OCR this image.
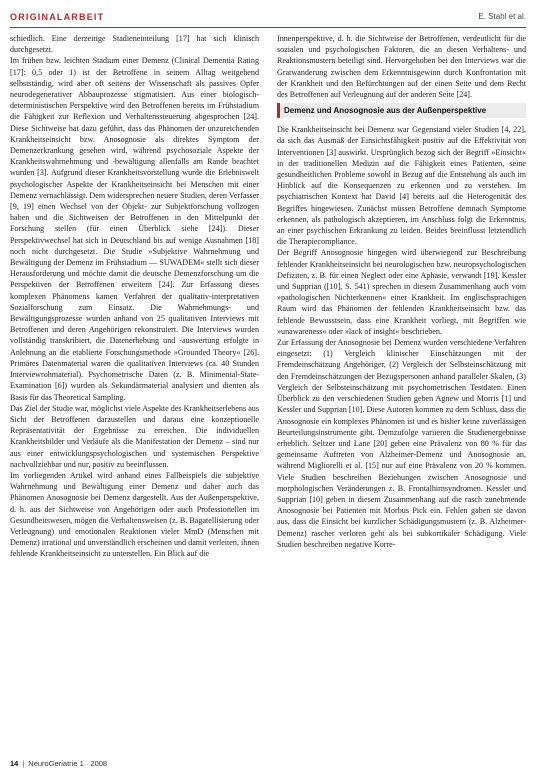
ORIGINALARBEIT	E. Stahl et al.

schiedlich. Eine derzeitige Stadieneinteilung [17] hat sich klinisch durchgesetzt.

Im frühen bzw. leichten Stadium einer Demenz (Clinical Dementia Rating [17]: 0,5 oder 1) ist der Betroffene in seinem Alltag weitgehend selbstständig, wird aber oft seitens der Wissenschaft als passives Opfer neurodegenerativer Abbauprozesse stigmatisiert. Aus einer biologisch-deterministischen Perspektive wird den Betroffenen bereits im Frühstadium die Fähigkeit zur Reflexion und Verhaltenssteuerung abgesprochen [24]. Diese Sichtweise hat dazu geführt, dass das Phänomen der unzureichenden Krankheitseinsicht bzw. Anosognosie als direktes Symptom der Demenzerkrankung gesehen wird, während psychosoziale Aspekte der Krankheitswahrnehmung und -bewältigung allenfalls am Rande beachtet wurden [3]. Aufgrund dieser Krankheitsvorstellung wurde die Erlebniswelt psychologischer Aspekte der Krankheitseinsicht bei Menschen mit einer Demenz vernachlässigt. Dem widersprechen neuere Studien, deren Verfasser [9, 19] einen Wechsel von der Objekt- zur Subjektforschung vollzogen haben und die Sichtweisen der Betroffenen in den Mittelpunkt der Forschung stellen (für einen Überblick siehe [24]). Dieser Perspektivwechsel hat sich in Deutschland bis auf wenige Ausnahmen [18] noch nicht durchgesetzt. Die Studie »Subjektive Wahrnehmung und Bewältigung der Demenz im Frühstadium — SUWADEM« stellt sich dieser Herausforderung und möchte damit die deutsche Demenzforschung um die Perspektiven der Betroffenen erweitern [24]. Zur Erfassung dieses komplexen Phänomens kamen Verfahren der qualitativ-interpretativen Sozialforschung zum Einsatz. Die Wahrnehmungs- und Bewältigungsprozesse wurden anhand von 25 qualitativen Interviews mit Betroffenen und deren Angehörigen rekonstruiert. Die Interviews wurden vollständig transkribiert, die Datenerhebung und -auswertung erfolgte in Anlehnung an die etablierte Forschungsmethode »Grounded Theory« [26]. Primäres Datenmaterial waren die qualitativen Interviews (ca. 40 Stunden Interviewrohmaterial). Psychometrische Daten (z. B. Minimental-State-Examination [6]) wurden als Sekundärmaterial analysiert und dienten als Basis für das Theoretical Sampling.

Das Ziel der Studie war, möglichst viele Aspekte des Krankheitserlebens aus Sicht der Betroffenen darzustellen und daraus eine konzeptionelle Repräsentativität der Ergebnisse zu erreichen. Die individuellen Krankheitsbilder und Verläufe als die Manifestation der Demenz – sind nur aus einer entwicklungspsychologischen und systemischen Perspektive nachvollziehbar und nur, positiv zu beeinflussen.

Im vorliegenden Artikel wird anhand eines Fallbeispiels die subjektive Wahrnehmung und Bewältigung einer Demenz und daher auch das Phänomen Anosognosie bei Demenz dargestellt. Aus der Außenperspektive, d. h. aus der Sichtweise von Angehörigen oder auch Professionellen im Gesundheitswesen, mögen die Verhaltensweisen (z. B. Bagatellisierung oder Verleugnung) und emotionalen Reaktionen vieler MmD (Menschen mit Demenz) irrational und unverständlich erscheinen und damit verleiten, ihnen fehlende Krankheitseinsicht zu unterstellen. Ein Blick auf die

Innenperspektive, d. h. die Sichtweise der Betroffenen, verdeutlicht für die sozialen und psychologischen Faktoren, die an diesen Verhaltens- und Reaktionsmustern beteiligt sind. Hervorgehoben bei den Interviews war die Gratwanderung zwischen dem Erkenntnisgewinn durch Konfrontation mit der Krankheit und den Befürchtungen auf der einen Seite und dem Recht des Betroffenen auf Verleugnung auf der anderen Seite [24].

Demenz und Anosognosie aus der Außenperspektive

Die Krankheitseinsicht bei Demenz war Gegenstand vieler Studien [4, 22], da sich das Ausmaß der Einsichtsfähigkeit positiv auf die Effektivität von Interventionen [3] auswirkt. Ursprünglich bezog sich der Begriff »Einsicht« in der traditionellen Medizin auf die Fähigkeit eines Patienten, seine gesundheitlichen Probleme sowohl in Bezug auf die Entstehung als auch im Hinblick auf die Konsequenzen zu erkennen und zu verstehen. Im psychiatrischen Kontext hat David [4] bereits auf die Heterogenität des Begriffes hingewiesen. Zunächst müssen Betroffene demnach Symptome erkennen, als pathologisch akzeptieren, im Anschluss folgt die Erkenntnis, an einer psychischen Erkrankung zu leiden. Beides beeinflusst letztendlich die Therapiecompliance.

Der Begriff Anosognosie hingegen wird überwiegend zur Beschreibung fehlender Krankheitseinsicht bei neurologischen bzw. neuropsychologischen Defiziten, z. B. für einen Neglect oder eine Aphasie, verwandt [19]. Kessler und Supprian ([10], S. 541) sprechen in diesem Zusammenhang auch vom »pathologischen Nichterkennen« einer Krankheit. Im englischsprachigen Raum wird das Phänomen der fehlenden Krankheitseinsicht bzw. das fehlende Bewusstsein, dass eine Krankheit vorliegt, mit Begriffen wie »unawareness« oder »lack of insight« beschrieben.

Zur Erfassung der Anosognosie bei Demenz wurden verschiedene Verfahren eingesetzt: (1) Vergleich klinischer Einschätzungen mit der Fremdeinschätzung Angehöriger, (2) Vergleich der Selbsteinschätzung mit den Fremdeinschätzungen der Bezugspersonen anhand paralleler Skalen, (3) Vergleich der Selbsteinschätzung mit psychometrischen Testdaten. Einen Überblick zu den verschiedenen Studien geben Agnew und Morris [1] und Kessler und Supprian [10]. Diese Autoren kommen zu dem Schluss, dass die Anosognosie ein komplexes Phänomen ist und es bisher keine zuverlässigen Beurteilungsinstrumente gibt. Demzufolge variieren die Studienergebnisse erheblich. Seltzer und Lane [20] geben eine Prävalenz von 80 % für das gemeinsame Auftreten von Alzheimer-Demenz und Anosognosie an, während Migliorelli et al. [15] nur auf eine Prävalenz von 20 % kommen. Viele Studien beschreiben Beziehungen zwischen Anosognosie und morphologischen Veränderungen z. B. Frontalhirnsyndromen. Kessler und Supprian [10] geben in diesem Zusammenhang auf die rasch zunehmende Anosognosie bei Patienten mit Morbus Pick ein. Fehlen gaben sie davon aus, dass die Einsicht bei kurzlicher Schädigungsmustern (z. B. Alzheimer-Demenz) rascher verloren geht als bei subkortikaler Schädigung. Viele Studien beschreiben negative Korre-

14 | NeuroGeriatrie 1 · 2008
